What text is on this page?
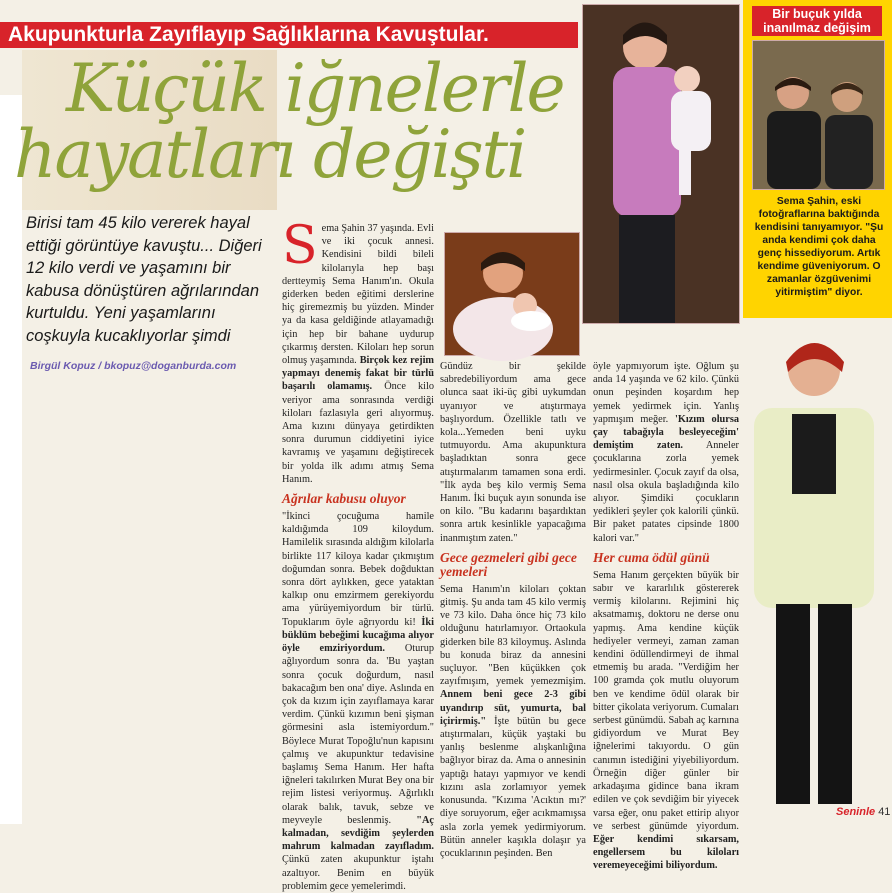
Akupunkturla Zayıflayıp Sağlıklarına Kavuştular.
Küçük iğnelerle
hayatları değişti
Birisi tam 45 kilo vererek hayal ettiği görüntüye kavuştu... Diğeri 12 kilo verdi ve yaşamını bir kabusa dönüştüren ağrılarından kurtuldu. Yeni yaşamlarını coşkuyla kucaklıyorlar şimdi
Birgül Kopuz / bkopuz@doganburda.com
Bir buçuk yılda inanılmaz değişim
Sema Şahin, eski fotoğraflarına baktığında kendisini tanıyamıyor. "Şu anda kendimi çok daha genç hissediyorum. Artık kendime güveniyorum. O zamanlar özgüvenimi yitirmiştim" diyor.
S ema Şahin 37 yaşında. Evli ve iki çocuk annesi. Kendisini bildi bileli kilolarıyla hep başı dertteymiş Sema Hanım'ın. Okula giderken beden eğitimi derslerine hiç giremezmiş bu yüzden. Minder ya da kasa geldiğinde atlayamadığı için hep bir bahane uydurup çıkarmış dersten. Kiloları hep sorun olmuş yaşamında. Birçok kez rejim yapmayı denemiş fakat bir türlü başarılı olamamış. Önce kilo veriyor ama sonrasında verdiği kiloları fazlasıyla geri alıyormuş. Ama kızını dünyaya getirdikten sonra durumun ciddiyetini iyice kavramış ve yaşamını değiştirecek bir yolda ilk adımı atmış Sema Hanım.

Ağrılar kabusu oluyor

"İkinci çocuğuma hamile kaldığımda 109 kiloydum. Hamilelik sırasında aldığım kilolarla birlikte 117 kiloya kadar çıkmıştım doğumdan sonra. Bebek doğduktan sonra dört aylıkken, gece yataktan kalkıp onu emzirmem gerekiyordu ama yürüyemiyordum bir türlü. Topuklarım öyle ağrıyordu ki! İki büklüm bebeğimi kucağıma alıyor öyle emziriyordum. Oturup ağlıyordum sonra da. 'Bu yaştan sonra çocuk doğurdum, nasıl bakacağım ben ona' diye. Aslında en çok da kızım için zayıflamaya karar verdim. Çünkü kızımın beni şişman görmesini asla istemiyordum." Böylece Murat Topoğlu'nun kapısını çalmış ve akupunktur tedavisine başlamış Sema Hanım. Her hafta iğneleri takılırken Murat Bey ona bir rejim listesi veriyormuş. Ağırlıklı olarak balık, tavuk, sebze ve meyveyle beslenmiş. "Aç kalmadan, sevdiğim şeylerden mahrum kalmadan zayıfladım. Çünkü zaten akupunktur iştahı azaltıyor. Benim en büyük problemim gece yemelerimdi.

Gündüz bir şekilde sabredebiliyordum ama gece olunca saat iki-üç gibi uykumdan uyanıyor ve atıştırmaya başlıyordum. Özellikle tatlı ve kola...Yemeden beni uyku tutmuyordu. Ama akupunktura başladıktan sonra gece atıştırmalarım tamamen sona erdi. "İlk ayda beş kilo vermiş Sema Hanım. İki buçuk ayın sonunda ise on kilo. "Bu kadarını başardıktan sonra artık kesinlikle yapacağıma inanmıştım zaten."

Gece gezmeleri gibi gece yemeleri

Sema Hanım'ın kiloları çoktan gitmiş. Şu anda tam 45 kilo vermiş ve 73 kilo. Daha önce hiç 73 kilo olduğunu hatırlamıyor. Ortaokula giderken bile 83 kiloymuş. Aslında bu konuda biraz da annesini suçluyor. "Ben küçükken çok zayıfmışım, yemek yemezmişim. Annem beni gece 2-3 gibi uyandırıp süt, yumurta, bal içirirmiş." İşte bütün bu gece atıştırmaları, küçük yaştaki bu yanlış beslenme alışkanlığına bağlıyor biraz da. Ama o annesinin yaptığı hatayı yapmıyor ve kendi kızını asla zorlamıyor yemek konusunda. "Kızıma 'Acıktın mı?' diye soruyorum, eğer acıkmamışsa asla zorla yemek yedirmiyorum. Bütün anneler kaşıkla dolaşır ya çocuklarının peşinden. Ben

öyle yapmıyorum işte. Oğlum şu anda 14 yaşında ve 62 kilo. Çünkü onun peşinden koşardım hep yemek yedirmek için. Yanlış yapmışım meğer. 'Kızım olursa çay tabağıyla besleyeceğim' demiştim zaten. Anneler çocuklarına zorla yemek yedirmesinler. Çocuk zayıf da olsa, nasıl olsa okula başladığında kilo alıyor. Şimdiki çocukların yedikleri şeyler çok kalorili çünkü. Bir paket patates cipsinde 1800 kalori var."

Her cuma ödül günü

Sema Hanım gerçekten büyük bir sabır ve kararlılık göstererek vermiş kilolarını. Rejimini hiç aksatmamış, doktoru ne derse onu yapmış. Ama kendine küçük hediyeler vermeyi, zaman zaman kendini ödüllendirmeyi de ihmal etmemiş bu arada. "Verdiğim her 100 gramda çok mutlu oluyorum ben ve kendime ödül olarak bir bitter çikolata veriyorum. Cumaları serbest günümdü. Sabah aç karnına gidiyordum ve Murat Bey iğnelerimi takıyordu. O gün canımın istediğini yiyebiliyordum. Örneğin diğer günler bir arkadaşıma gidince bana ikram edilen ve çok sevdiğim bir yiyecek varsa eğer, onu paket ettirip alıyor ve serbest günümde yiyordum. Eğer kendimi sıkarsam, engellersem bu kiloları veremeyeceğimi biliyordum.

Seninle 41
